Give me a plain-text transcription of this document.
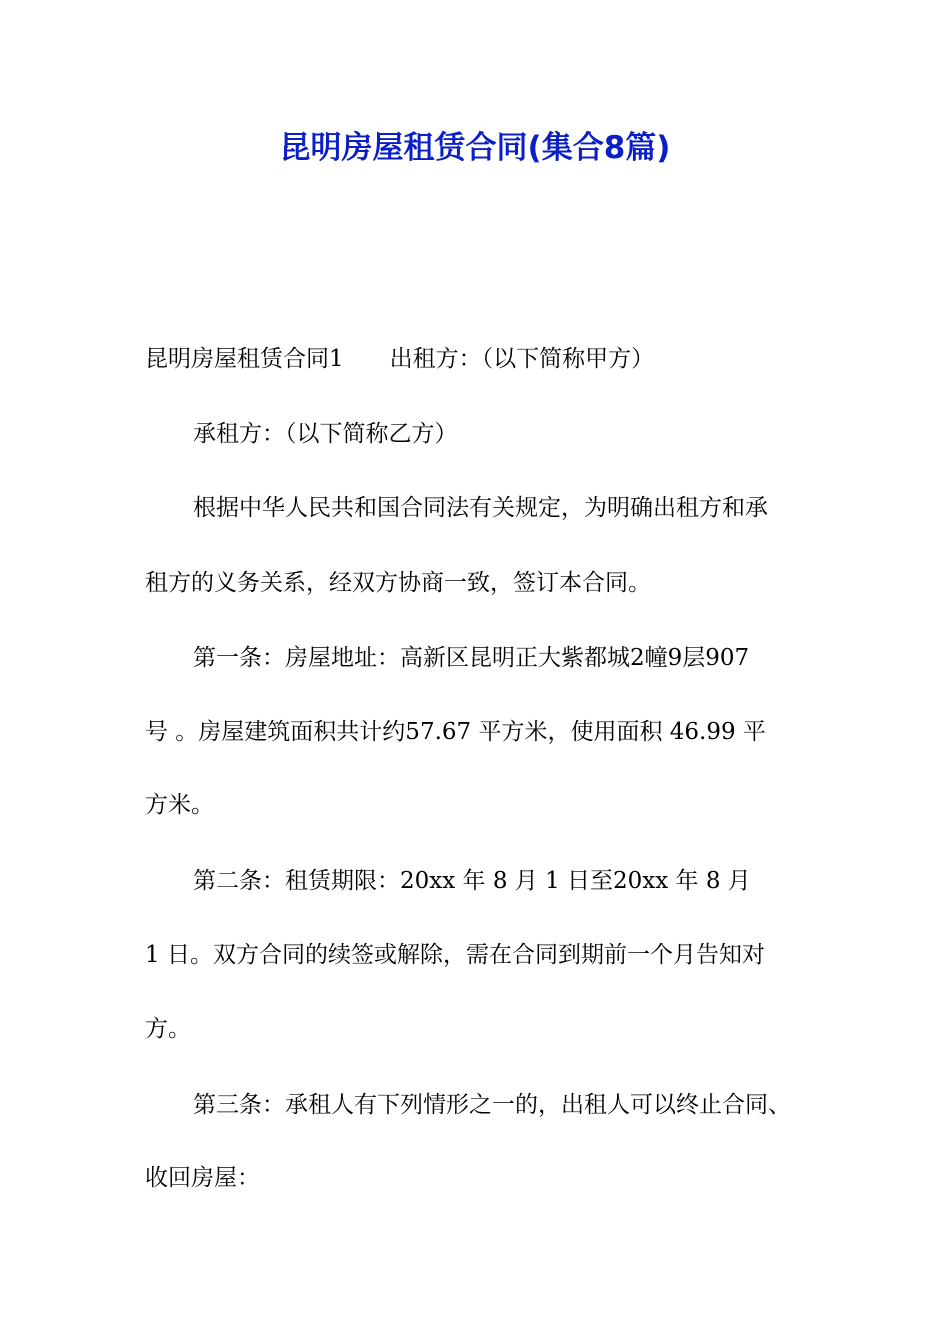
昆明房屋租赁合同(集合8篇)
昆明房屋租赁合同1　　出租方：（以下简称甲方）
承租方：（以下简称乙方）
根据中华人民共和国合同法有关规定，为明确出租方和承
租方的义务关系，经双方协商一致，签订本合同。
第一条：房屋地址：高新区昆明正大紫都城2幢9层907
号 。房屋建筑面积共计约57.67 平方米，使用面积 46.99 平
方米。
第二条：租赁期限：20xx 年 8 月 1 日至20xx 年 8 月
1 日。双方合同的续签或解除，需在合同到期前一个月告知对
方。
第三条：承租人有下列情形之一的，出租人可以终止合同、
收回房屋：
